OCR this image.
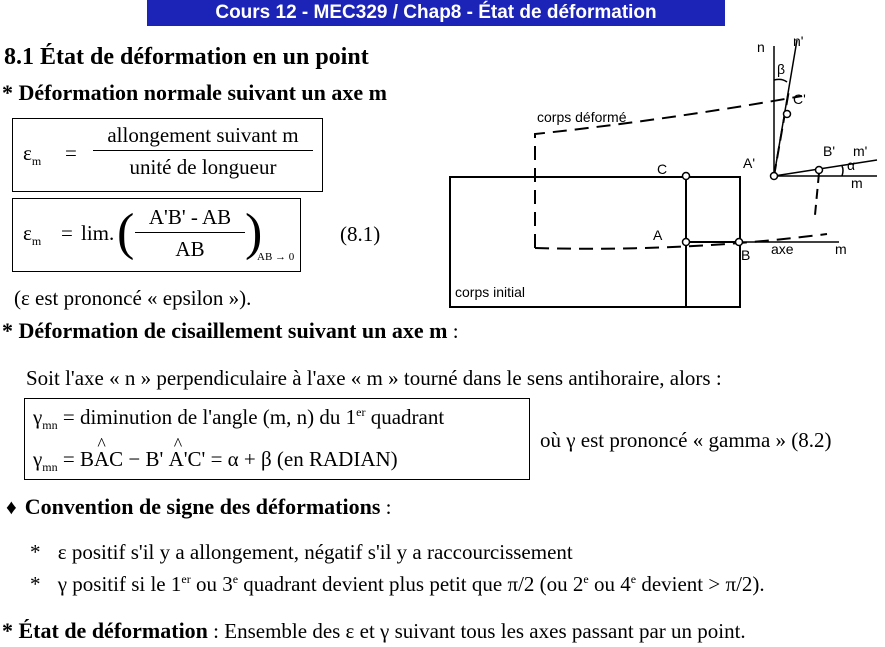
Cours 12 - MEC329 / Chap8 - État de déformation
8.1 État de déformation en un point
* Déformation normale suivant un axe m
$\varepsilon_m$ =
allongement suivant m
unité de longueur
$\varepsilon_m = \lim$. ( $\frac{A'B' - AB}{AB}$ )
AB → 0
(8.1)
(ε est prononcé « epsilon »).
* Déformation de cisaillement suivant un axe m :
Soit l'axe « n » perpendiculaire à l'axe « m » tourné dans le sens antihoraire, alors :
$\gamma_{mn}$ = diminution de l'angle (m, n) du 1er quadrant
$\gamma_{mn}$ = B^ AC − B' ^ A'C' = α + β (en RADIAN)
où γ est prononcé « gamma » (8.2)
♦ Convention de signe des déformations :
* ε positif s'il y a allongement, négatif s'il y a raccourcissement
* γ positif si le 1er ou 3e quadrant devient plus petit que π/2 (ou 2e ou 4e devient > π/2).
* État de déformation : Ensemble des ε et γ suivant tous les axes passant par un point.
corps déformé
corps initial
C
A
B
A'
B'
C'
n n'
β
m'
α
m
axe	m
